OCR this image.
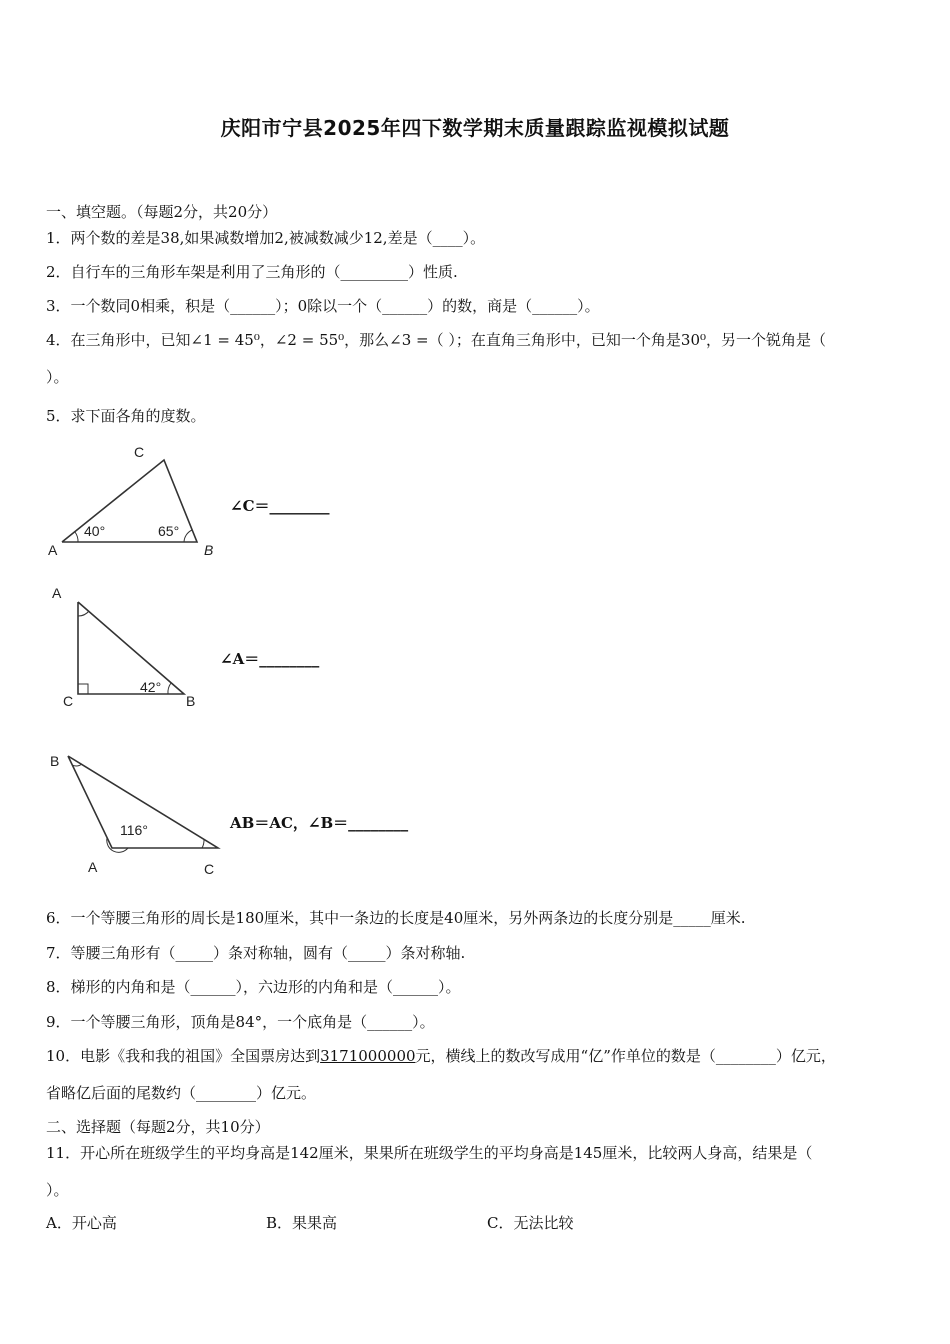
庆阳市宁县2025年四下数学期末质量跟踪监视模拟试题
一、填空题。（每题2分，共20分）
1．两个数的差是38,如果减数增加2,被减数减少12,差是（____）。
2．自行车的三角形车架是利用了三角形的（_________）性质.
3．一个数同0相乘，积是（______）；0除以一个（______）的数，商是（______）。
4．在三角形中，已知∠1 = 45⁰，∠2 = 55⁰，那么∠3 =（ ）；在直角三角形中，已知一个角是30⁰，另一个锐角是（
）。
5．求下面各角的度数。
A	B
C
40°	65°
∠C＝________
A
C	B
42°
∠A＝________
B
A	C
116°	AB＝AC，∠B＝________
6．一个等腰三角形的周长是180厘米，其中一条边的长度是40厘米，另外两条边的长度分别是_____厘米.
7．等腰三角形有（_____）条对称轴，圆有（_____）条对称轴.
8．梯形的内角和是（______），六边形的内角和是（______）。
9．一个等腰三角形，顶角是84°，一个底角是（______）。
10．电影《我和我的祖国》全国票房达到3171000000元，横线上的数改写成用“亿”作单位的数是（________）亿元，
省略亿后面的尾数约（________）亿元。
二、选择题（每题2分，共10分）
11．开心所在班级学生的平均身高是142厘米，果果所在班级学生的平均身高是145厘米，比较两人身高，结果是（
）。
A．开心高	B．果果高	C．无法比较
